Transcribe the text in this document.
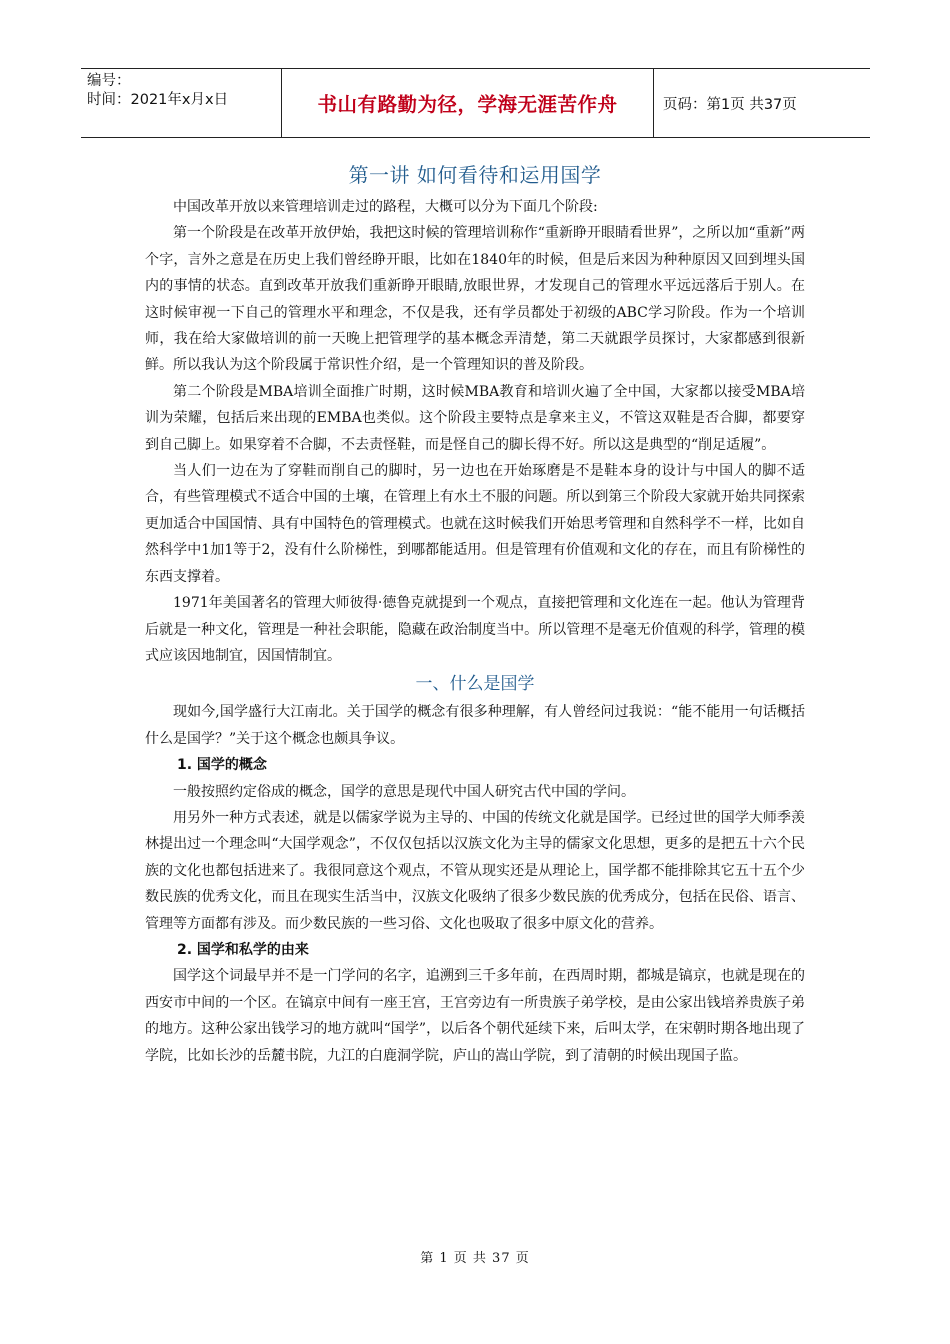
编号：
时间：2021年x月x日	书山有路勤为径，学海无涯苦作舟	页码：第1页 共37页
第一讲 如何看待和运用国学

中国改革开放以来管理培训走过的路程，大概可以分为下面几个阶段:

第一个阶段是在改革开放伊始，我把这时候的管理培训称作“重新睁开眼睛看世界”，之所以加“重新”两个字，言外之意是在历史上我们曾经睁开眼，比如在1840年的时候，但是后来因为种种原因又回到埋头国内的事情的状态。直到改革开放我们重新睁开眼睛,放眼世界，才发现自己的管理水平远远落后于别人。在这时候审视一下自己的管理水平和理念，不仅是我，还有学员都处于初级的ABC学习阶段。作为一个培训师，我在给大家做培训的前一天晚上把管理学的基本概念弄清楚，第二天就跟学员探讨，大家都感到很新鲜。所以我认为这个阶段属于常识性介绍，是一个管理知识的普及阶段。

第二个阶段是MBA培训全面推广时期，这时候MBA教育和培训火遍了全中国，大家都以接受MBA培训为荣耀，包括后来出现的EMBA也类似。这个阶段主要特点是拿来主义，不管这双鞋是否合脚，都要穿到自己脚上。如果穿着不合脚，不去责怪鞋，而是怪自己的脚长得不好。所以这是典型的“削足适履”。

当人们一边在为了穿鞋而削自己的脚时，另一边也在开始琢磨是不是鞋本身的设计与中国人的脚不适合，有些管理模式不适合中国的土壤，在管理上有水土不服的问题。所以到第三个阶段大家就开始共同探索更加适合中国国情、具有中国特色的管理模式。也就在这时候我们开始思考管理和自然科学不一样，比如自然科学中1加1等于2，没有什么阶梯性，到哪都能适用。但是管理有价值观和文化的存在，而且有阶梯性的东西支撑着。

1971年美国著名的管理大师彼得·德鲁克就提到一个观点，直接把管理和文化连在一起。他认为管理背后就是一种文化，管理是一种社会职能，隐藏在政治制度当中。所以管理不是毫无价值观的科学，管理的模式应该因地制宜，因国情制宜。

一、什么是国学

现如今,国学盛行大江南北。关于国学的概念有很多种理解，有人曾经问过我说：“能不能用一句话概括什么是国学？”关于这个概念也颇具争议。

1. 国学的概念

一般按照约定俗成的概念，国学的意思是现代中国人研究古代中国的学问。

用另外一种方式表述，就是以儒家学说为主导的、中国的传统文化就是国学。已经过世的国学大师季羡林提出过一个理念叫“大国学观念”，不仅仅包括以汉族文化为主导的儒家文化思想，更多的是把五十六个民族的文化也都包括进来了。我很同意这个观点，不管从现实还是从理论上，国学都不能排除其它五十五个少数民族的优秀文化，而且在现实生活当中，汉族文化吸纳了很多少数民族的优秀成分，包括在民俗、语言、管理等方面都有涉及。而少数民族的一些习俗、文化也吸取了很多中原文化的营养。

2. 国学和私学的由来

国学这个词最早并不是一门学问的名字，追溯到三千多年前，在西周时期，都城是镐京，也就是现在的西安市中间的一个区。在镐京中间有一座王宫，王宫旁边有一所贵族子弟学校，是由公家出钱培养贵族子弟的地方。这种公家出钱学习的地方就叫“国学”，以后各个朝代延续下来，后叫太学，在宋朝时期各地出现了学院，比如长沙的岳麓书院，九江的白鹿洞学院，庐山的嵩山学院，到了清朝的时候出现国子监。

第 1 页 共 37 页
